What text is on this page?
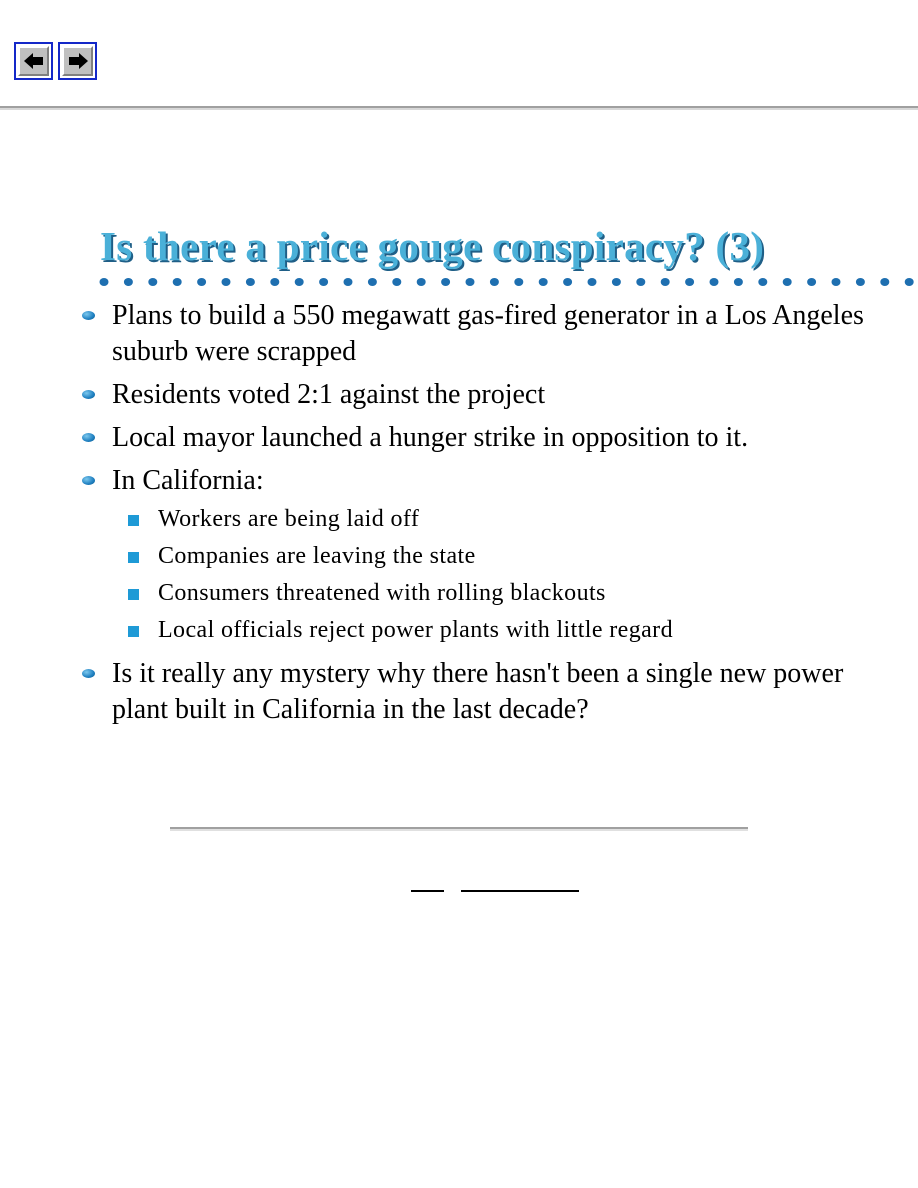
Is there a price gouge conspiracy? (3)
Plans to build a 550 megawatt gas-fired generator in a Los Angeles suburb were scrapped
Residents voted 2:1 against the project
Local mayor launched a hunger strike in opposition to it.
In California:
Workers are being laid off
Companies are leaving the state
Consumers threatened with rolling blackouts
Local officials reject power plants with little regard
Is it really any mystery why there hasn't been a single new power plant built in California in the last decade?
